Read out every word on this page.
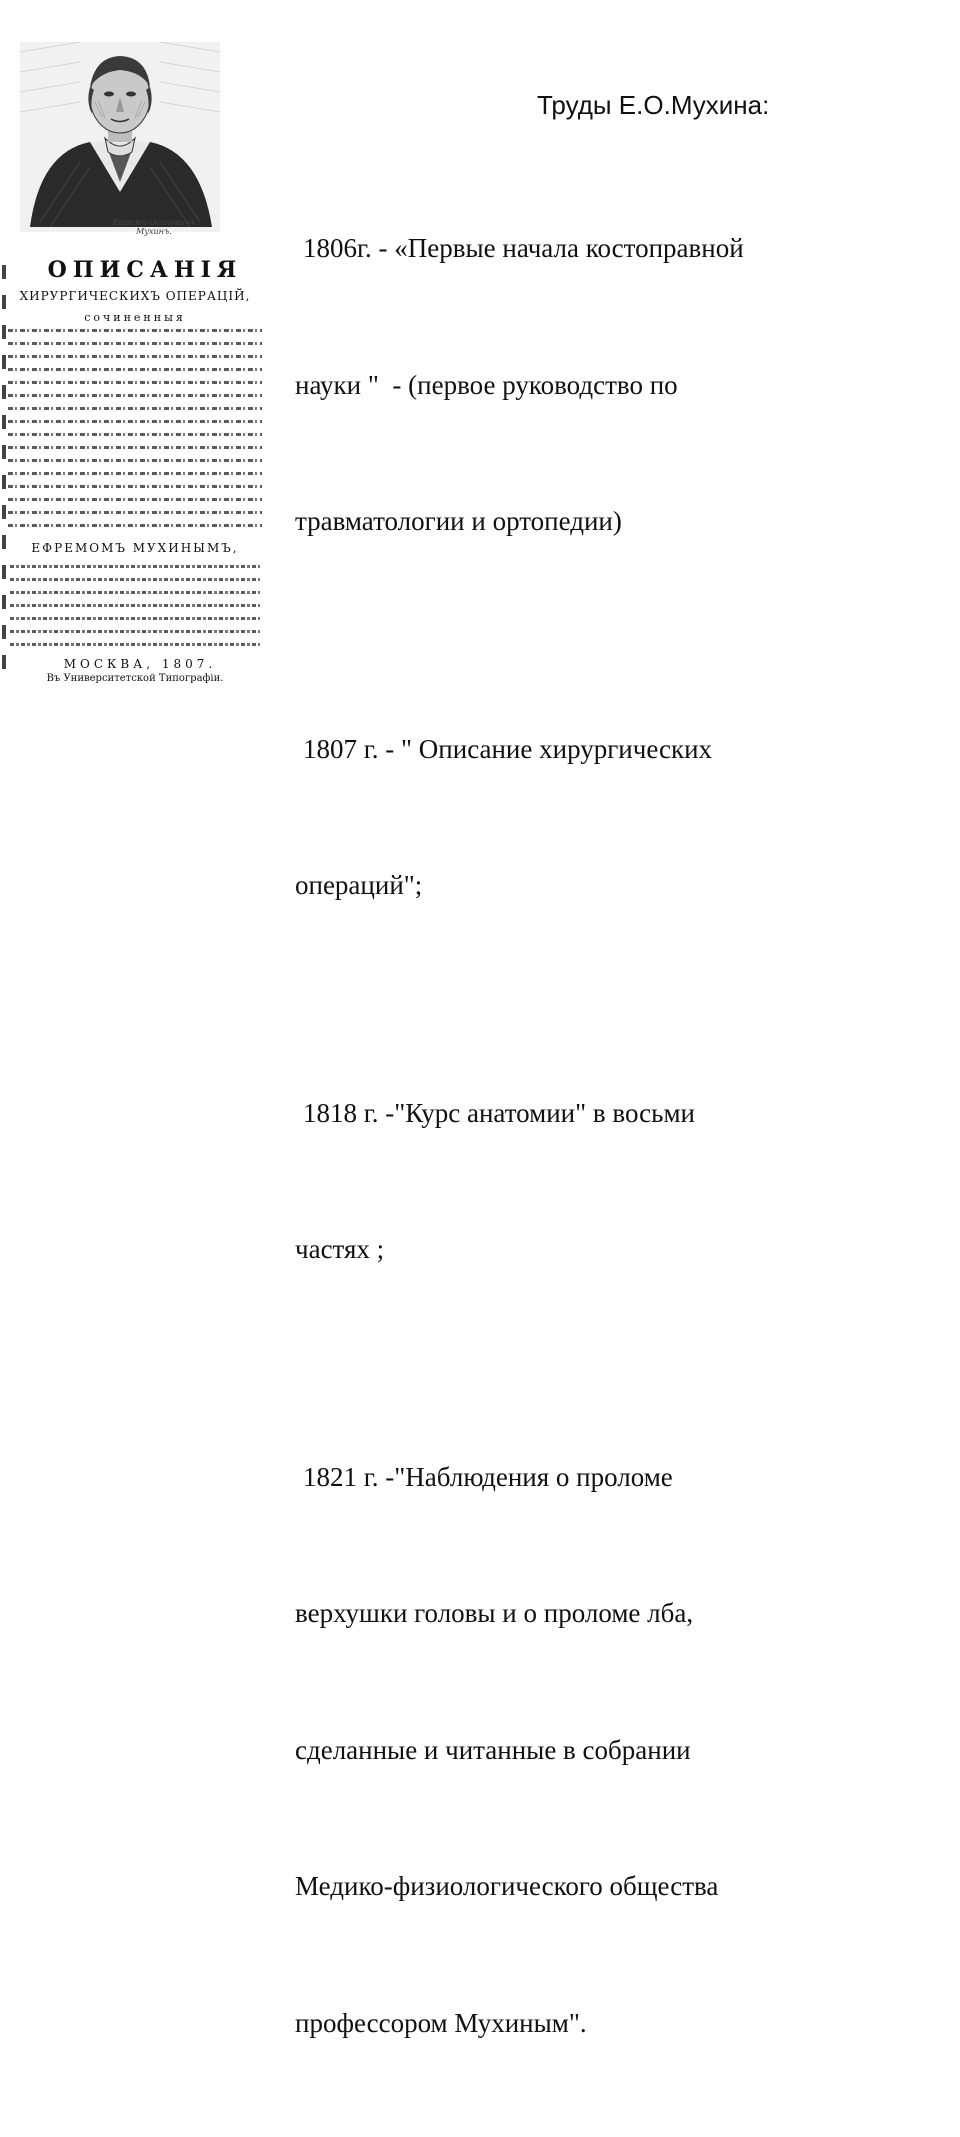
Ефремъ Осиповичъ
Мухинъ.
ОПИСАНІЯ
ХИРУРГИЧЕСКИХЪ ОПЕРАЦІЙ,
сочиненныя
ЕФРЕМОМЪ МУХИНЫМЪ,
МОСКВА, 1807.
Въ Университетской Типографіи.
Труды Е.О.Мухина:

1806г. - «Первые начала костоправной

науки "  - (первое руководство по

травматологии и ортопедии)

1807 г. - " Описание хирургических

операций";

1818 г. -"Курс анатомии" в восьми

частях ;

1821 г. -"Наблюдения о проломе

верхушки головы и о проломе лба,

сделанные и читанные в собрании

Медико-физиологического общества

профессором Мухиным".
